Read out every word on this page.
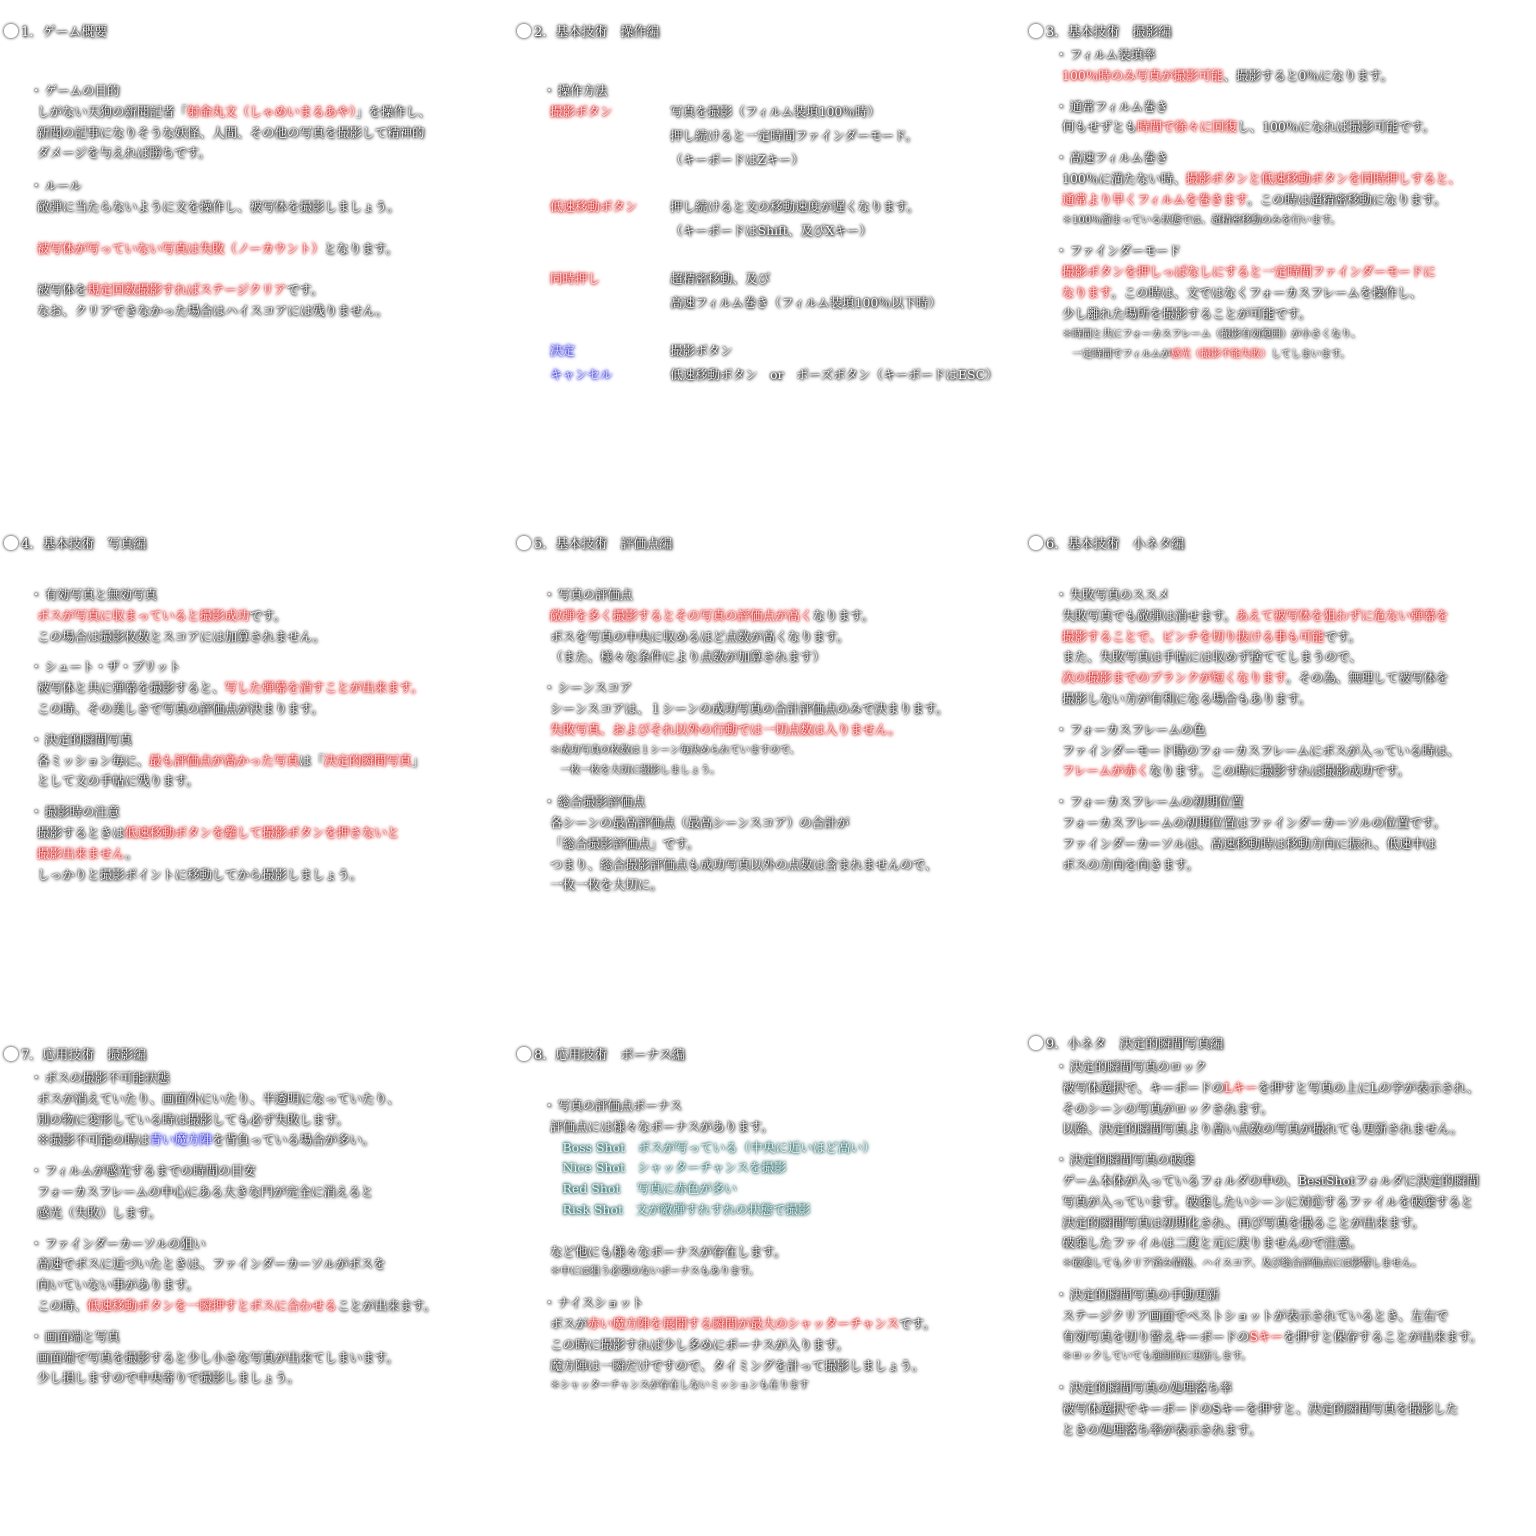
1．ゲーム概要
・ ゲームの目的
しがない天狗の新聞記者「射命丸文（しゃめいまるあや）」を操作し、
新聞の記事になりそうな妖怪、人間、その他の写真を撮影して精神的
ダメージを与えれば勝ちです。
・ ルール
敵弾に当たらないように文を操作し、被写体を撮影しましょう。
被写体が写っていない写真は失敗（ノーカウント）となります。
被写体を規定回数撮影すればステージクリアです。
なお、クリアできなかった場合はハイスコアには残りません。
2．基本技術　操作編
・ 操作方法
撮影ボタン	写真を撮影（フィルム装填100％時）
押し続けると一定時間ファインダーモード。
（キーボードはZキー）
低速移動ボタン	押し続けると文の移動速度が遅くなります。
（キーボードはShift、及びXキー）
同時押し	超精密移動、及び
高速フィルム巻き（フィルム装填100％以下時）
決定	撮影ボタン
キャンセル	低速移動ボタン　or　ポーズボタン（キーボードはESC）
3．基本技術　撮影編
・ フィルム装填率
100％時のみ写真が撮影可能、撮影すると0％になります。
・ 通常フィルム巻き
何もせずとも時間で徐々に回復し、100％になれば撮影可能です。
・ 高速フィルム巻き
100％に満たない時、撮影ボタンと低速移動ボタンを同時押しすると、
通常より早くフィルムを巻きます。この時は超精密移動になります。
＊100％溜まっている状態では、超精密移動のみを行います。
・ ファインダーモード
撮影ボタンを押しっぱなしにすると一定時間ファインダーモードに
なります。この時は、文ではなくフォーカスフレームを操作し、
少し離れた場所を撮影することが可能です。
＊時間と共にフォーカスフレーム（撮影有効範囲）が小さくなり、
　一定時間でフィルムが感光（撮影不能失敗）してしまいます。
4．基本技術　写真編
・ 有効写真と無効写真
ボスが写真に収まっていると撮影成功です。
この場合は撮影枚数とスコアには加算されません。
・ シュート・ザ・ブリット
被写体と共に弾幕を撮影すると、写した弾幕を消すことが出来ます。
この時、その美しさで写真の評価点が決まります。
・ 決定的瞬間写真
各ミッション毎に、最も評価点が高かった写真は「決定的瞬間写真」
として文の手帖に残ります。
・ 撮影時の注意
撮影するときは低速移動ボタンを離して撮影ボタンを押さないと
撮影出来ません。
しっかりと撮影ポイントに移動してから撮影しましょう。
5．基本技術　評価点編
・ 写真の評価点
敵弾を多く撮影するとその写真の評価点が高くなります。
ボスを写真の中央に収めるほど点数が高くなります。
（また、様々な条件により点数が加算されます）
・ シーンスコア
シーンスコアは、１シーンの成功写真の合計評価点のみで決まります。
失敗写真、およびそれ以外の行動では一切点数は入りません。
＊成功写真の枚数は１シーン毎決められていますので、
　一枚一枚を大切に撮影しましょう。
・ 総合撮影評価点
各シーンの最高評価点（最高シーンスコア）の合計が
「総合撮影評価点」です。
つまり、総合撮影評価点も成功写真以外の点数は含まれませんので、
一枚一枚を大切に。
6．基本技術　小ネタ編
・ 失敗写真のススメ
失敗写真でも敵弾は消せます。あえて被写体を狙わずに危ない弾幕を
撮影することで、ピンチを切り抜ける事も可能です。
また、失敗写真は手帖には収めず捨ててしまうので、
次の撮影までのブランクが短くなります。その為、無理して被写体を
撮影しない方が有利になる場合もあります。
・ フォーカスフレームの色
ファインダーモード時のフォーカスフレームにボスが入っている時は、
フレームが赤くなります。この時に撮影すれば撮影成功です。
・ フォーカスフレームの初期位置
フォーカスフレームの初期位置はファインダーカーソルの位置です。
ファインダーカーソルは、高速移動時は移動方向に振れ、低速中は
ボスの方向を向きます。
7．応用技術　撮影編
・ ボスの撮影不可能状態
ボスが消えていたり、画面外にいたり、半透明になっていたり、
別の物に変形している時は撮影しても必ず失敗します。
※撮影不可能の時は青い魔方陣を背負っている場合が多い。
・ フィルムが感光するまでの時間の目安
フォーカスフレームの中心にある大きな円が完全に消えると
感光（失敗）します。
・ ファインダーカーソルの狙い
高速でボスに近づいたときは、ファインダーカーソルがボスを
向いていない事があります。
この時、低速移動ボタンを一瞬押すとボスに合わせることが出来ます。
・ 画面端と写真
画面端で写真を撮影すると少し小さな写真が出来てしまいます。
少し損しますので中央寄りで撮影しましょう。
8．応用技術　ボーナス編
・ 写真の評価点ボーナス
評価点には様々なボーナスがあります。
　Boss Shot　ボスが写っている（中央に近いほど高い）
　Nice Shot　シャッターチャンスを撮影
　Red Shot　 写真に赤色が多い
　Risk Shot　文が敵弾すれすれの状態で撮影
など他にも様々なボーナスが存在します。
＊中には狙う必要のないボーナスもあります。
・ ナイスショット
ボスが赤い魔方陣を展開する瞬間が最大のシャッターチャンスです。
この時に撮影すれば少し多めにボーナスが入ります。
魔方陣は一瞬だけですので、タイミングを計って撮影しましょう。
＊シャッターチャンスが存在しないミッションも在ります
9．小ネタ　決定的瞬間写真編
・ 決定的瞬間写真のロック
被写体選択で、キーボードのLキーを押すと写真の上にLの字が表示され、
そのシーンの写真がロックされます。
以降、決定的瞬間写真より高い点数の写真が撮れても更新されません。
・ 決定的瞬間写真の破棄
ゲーム本体が入っているフォルダの中の、BestShotフォルダに決定的瞬間
写真が入っています。破棄したいシーンに対応するファイルを破棄すると
決定的瞬間写真は初期化され、再び写真を撮ることが出来ます。
破棄したファイルは二度と元に戻りませんので注意。
＊破棄してもクリア済み情報、ハイスコア、及び総合評価点には影響しません。
・ 決定的瞬間写真の手動更新
ステージクリア画面でベストショットが表示されているとき、左右で
有効写真を切り替えキーボードのSキーを押すと保存することが出来ます。
＊ロックしていても強制的に更新します。
・ 決定的瞬間写真の処理落ち率
被写体選択でキーボードのSキーを押すと、決定的瞬間写真を撮影した
ときの処理落ち率が表示されます。
